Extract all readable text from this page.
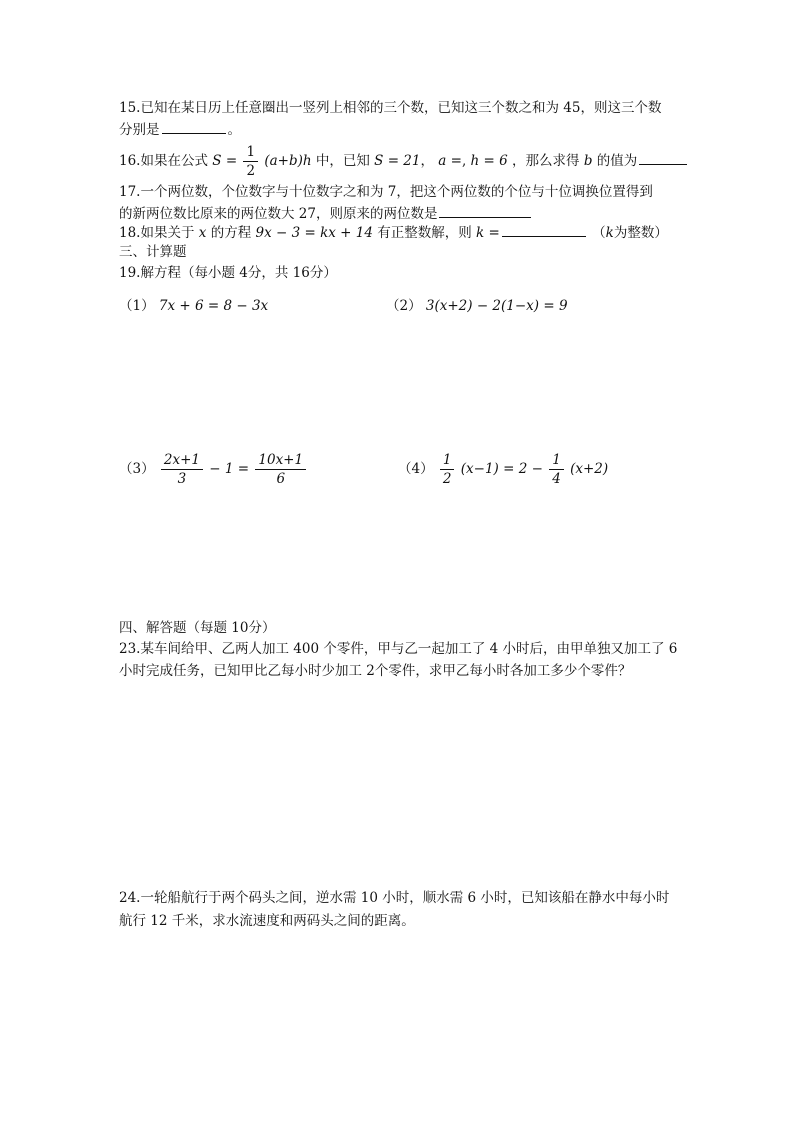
15.已知在某日历上任意圈出一竖列上相邻的三个数，已知这三个数之和为 45，则这三个数
分别是	。
16.如果在公式 $S = \frac{1}{2} (a+b)h$ 中，已知 S = 21， a =, h = 6 ，那么求得 b 的值为
17.一个两位数，个位数字与十位数字之和为 7，把这个两位数的个位与十位调换位置得到
的新两位数比原来的两位数大 27，则原来的两位数是
18.如果关于 x 的方程 9x − 3 = kx + 14 有正整数解，则 k =	（k为整数）
三、计算题
19.解方程（每小题 4分，共 16分）
（1） 7x + 6 = 8 − 3x	（2） 3(x+2) − 2(1−x) = 9
$(3) \frac{2x+1}{3} - 1 = \frac{10x+1}{6}$	$(4) \frac{1}{2} (x-1) = 2 - \frac{1}{4} (x+2)$
四、解答题（每题 10分）
23.某车间给甲、乙两人加工 400 个零件，甲与乙一起加工了 4 小时后，由甲单独又加工了 6
小时完成任务，已知甲比乙每小时少加工 2个零件，求甲乙每小时各加工多少个零件？
24.一轮船航行于两个码头之间，逆水需 10 小时，顺水需 6 小时，已知该船在静水中每小时
航行 12 千米，求水流速度和两码头之间的距离。
